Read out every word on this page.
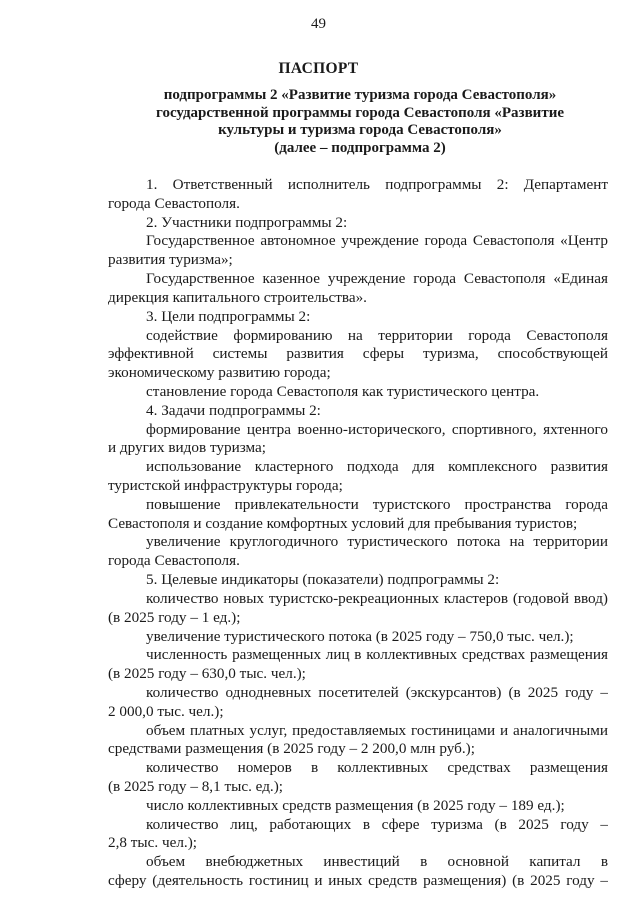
49
ПАСПОРТ
подпрограммы 2 «Развитие туризма города Севастополя»
государственной программы города Севастополя «Развитие
культуры и туризма города Севастополя»
(далее – подпрограмма 2)
1. Ответственный исполнитель подпрограммы 2: Департамент
города Севастополя.
2. Участники подпрограммы 2:
Государственное автономное учреждение города Севастополя «Центр
развития туризма»;
Государственное казенное учреждение города Севастополя «Единая
дирекция капитального строительства».
3. Цели подпрограммы 2:
содействие формированию на территории города Севастополя
эффективной системы развития сферы туризма, способствующей
экономическому развитию города;
становление города Севастополя как туристического центра.
4. Задачи подпрограммы 2:
формирование центра военно-исторического, спортивного, яхтенного
и других видов туризма;
использование кластерного подхода для комплексного развития
туристской инфраструктуры города;
повышение привлекательности туристского пространства города
Севастополя и создание комфортных условий для пребывания туристов;
увеличение круглогодичного туристического потока на территории
города Севастополя.
5. Целевые индикаторы (показатели) подпрограммы 2:
количество новых туристско-рекреационных кластеров (годовой ввод)
(в 2025 году – 1 ед.);
увеличение туристического потока (в 2025 году – 750,0 тыс. чел.);
численность размещенных лиц в коллективных средствах размещения
(в 2025 году – 630,0 тыс. чел.);
количество однодневных посетителей (экскурсантов) (в 2025 году –
2 000,0 тыс. чел.);
объем платных услуг, предоставляемых гостиницами и аналогичными
средствами размещения (в 2025 году – 2 200,0 млн руб.);
количество номеров в коллективных средствах размещения
(в 2025 году – 8,1 тыс. ед.);
число коллективных средств размещения (в 2025 году – 189 ед.);
количество лиц, работающих в сфере туризма (в 2025 году –
2,8 тыс. чел.);
объем внебюджетных инвестиций в основной капитал в
сферу (деятельность гостиниц и иных средств размещения) (в 2025 году –
